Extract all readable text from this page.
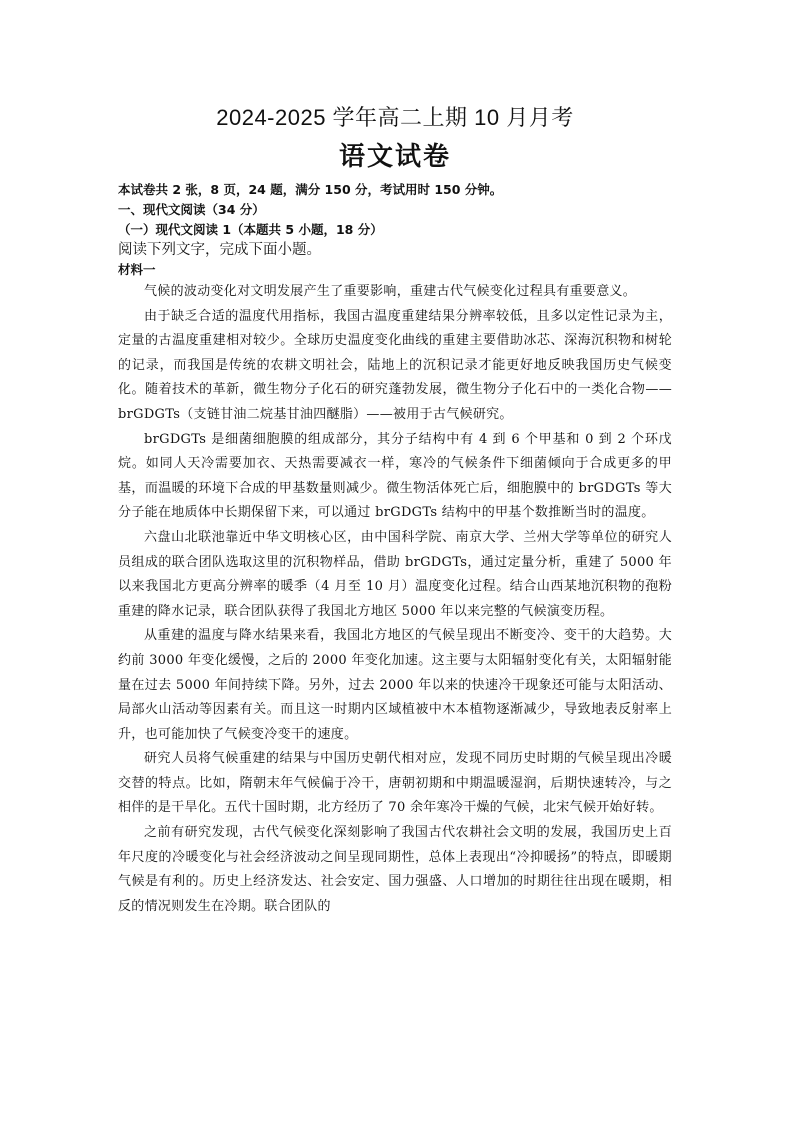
2024-2025 学年高二上期 10 月月考
语文试卷

本试卷共 2 张，8 页，24 题，满分 150 分，考试用时 150 分钟。

一、现代文阅读（34 分）

（一）现代文阅读 1（本题共 5 小题，18 分）

阅读下列文字，完成下面小题。

材料一

气候的波动变化对文明发展产生了重要影响，重建古代气候变化过程具有重要意义。

由于缺乏合适的温度代用指标，我国古温度重建结果分辨率较低，且多以定性记录为主，定量的古温度重建相对较少。全球历史温度变化曲线的重建主要借助冰芯、深海沉积物和树轮的记录，而我国是传统的农耕文明社会，陆地上的沉积记录才能更好地反映我国历史气候变化。随着技术的革新，微生物分子化石的研究蓬勃发展，微生物分子化石中的一类化合物——brGDGTs（支链甘油二烷基甘油四醚脂）——被用于古气候研究。

brGDGTs 是细菌细胞膜的组成部分，其分子结构中有 4 到 6 个甲基和 0 到 2 个环戊烷。如同人天冷需要加衣、天热需要减衣一样，寒冷的气候条件下细菌倾向于合成更多的甲基，而温暖的环境下合成的甲基数量则减少。微生物活体死亡后，细胞膜中的 brGDGTs 等大分子能在地质体中长期保留下来，可以通过 brGDGTs 结构中的甲基个数推断当时的温度。

六盘山北联池靠近中华文明核心区，由中国科学院、南京大学、兰州大学等单位的研究人员组成的联合团队选取这里的沉积物样品，借助 brGDGTs，通过定量分析，重建了 5000 年以来我国北方更高分辨率的暖季（4 月至 10 月）温度变化过程。结合山西某地沉积物的孢粉重建的降水记录，联合团队获得了我国北方地区 5000 年以来完整的气候演变历程。

从重建的温度与降水结果来看，我国北方地区的气候呈现出不断变冷、变干的大趋势。大约前 3000 年变化缓慢，之后的 2000 年变化加速。这主要与太阳辐射变化有关，太阳辐射能量在过去 5000 年间持续下降。另外，过去 2000 年以来的快速冷干现象还可能与太阳活动、局部火山活动等因素有关。而且这一时期内区域植被中木本植物逐渐减少，导致地表反射率上升，也可能加快了气候变冷变干的速度。

研究人员将气候重建的结果与中国历史朝代相对应，发现不同历史时期的气候呈现出冷暖交替的特点。比如，隋朝末年气候偏于冷干，唐朝初期和中期温暖湿润，后期快速转冷，与之相伴的是干旱化。五代十国时期，北方经历了 70 余年寒冷干燥的气候，北宋气候开始好转。

之前有研究发现，古代气候变化深刻影响了我国古代农耕社会文明的发展，我国历史上百年尺度的冷暖变化与社会经济波动之间呈现同期性，总体上表现出“冷抑暖扬”的特点，即暖期气候是有利的。历史上经济发达、社会安定、国力强盛、人口增加的时期往往出现在暖期，相反的情况则发生在冷期。联合团队的
